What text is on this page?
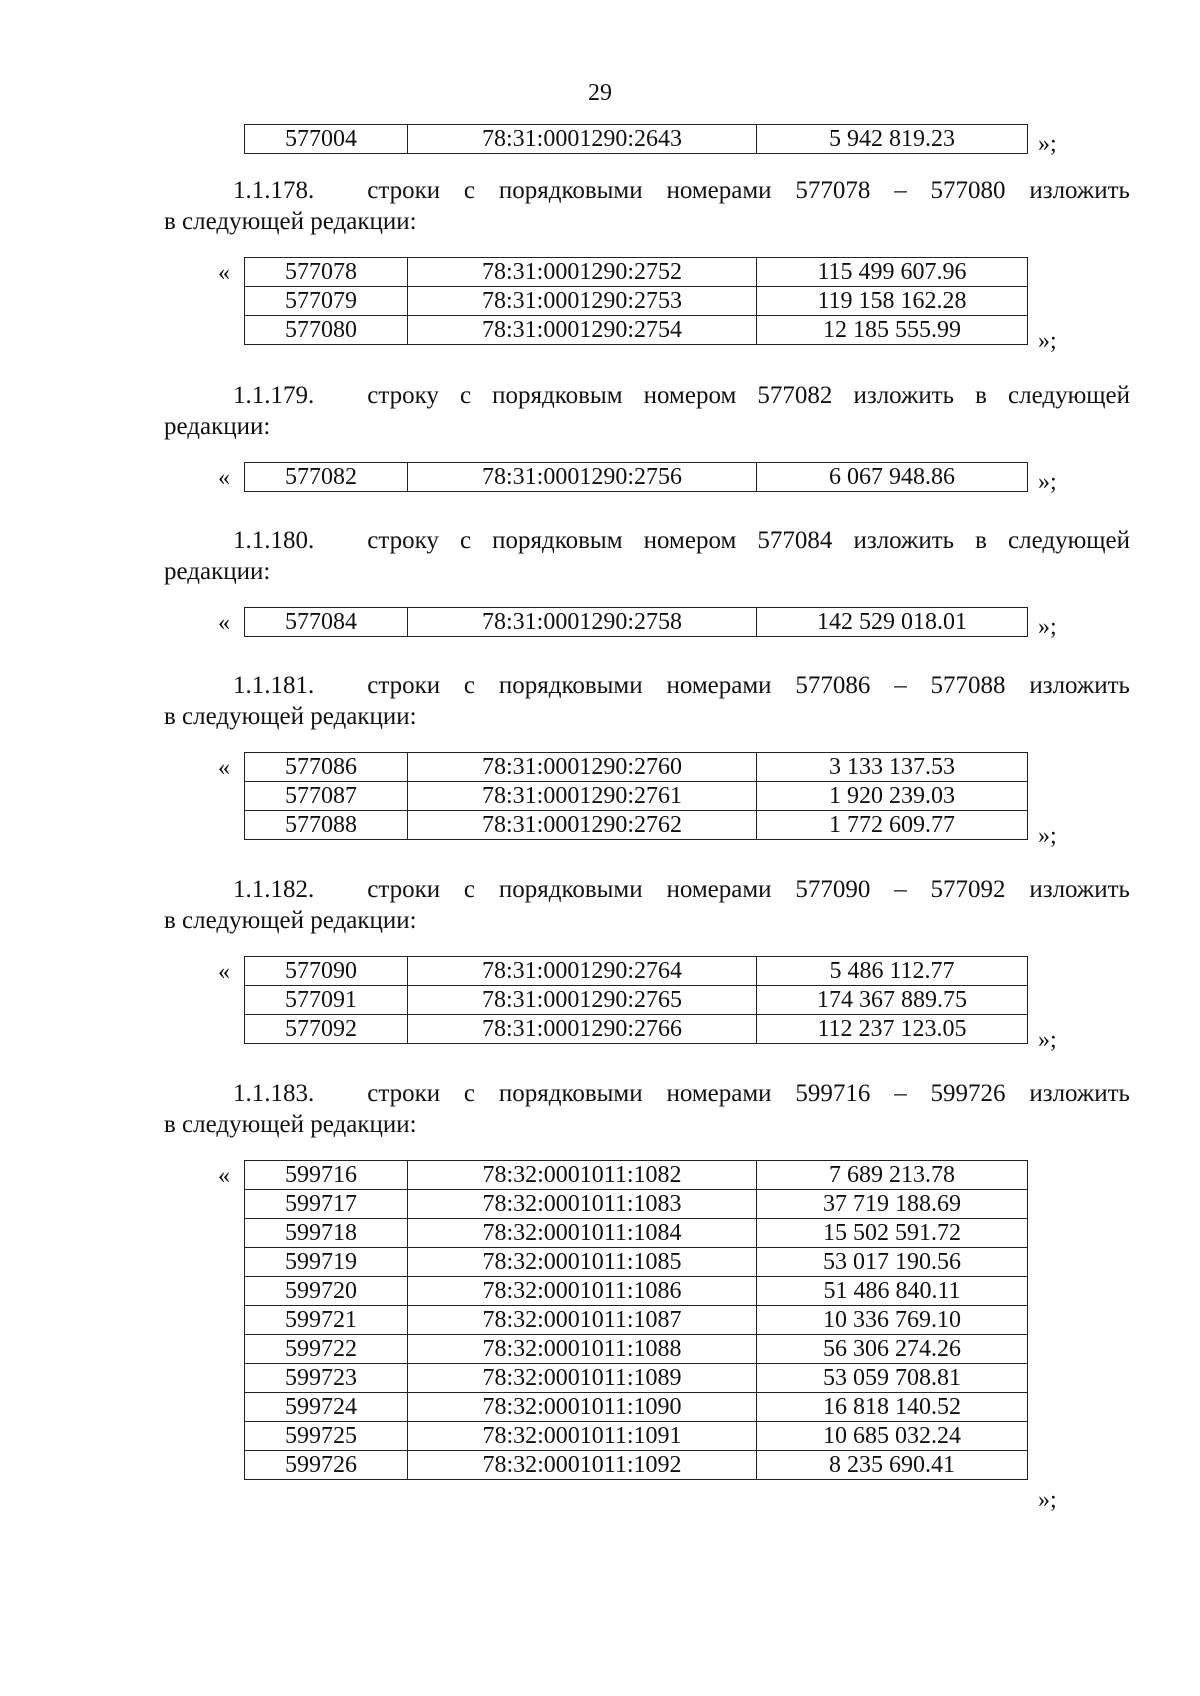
29
577004	78:31:0001290:2643	5 942 819.23	»;
1.1.178. строки с порядковыми номерами 577078 – 577080 изложить
в следующей редакции:
« 577078	78:31:0001290:2752	115 499 607.96
577079	78:31:0001290:2753	119 158 162.28
577080	78:31:0001290:2754	12 185 555.99	»;
1.1.179. строку с порядковым номером 577082 изложить в следующей
редакции:
« 577082	78:31:0001290:2756	6 067 948.86	»;
1.1.180. строку с порядковым номером 577084 изложить в следующей
редакции:
« 577084	78:31:0001290:2758	142 529 018.01	»;
1.1.181. строки с порядковыми номерами 577086 – 577088 изложить
в следующей редакции:
« 577086	78:31:0001290:2760	3 133 137.53
577087	78:31:0001290:2761	1 920 239.03
577088	78:31:0001290:2762	1 772 609.77	»;
1.1.182. строки с порядковыми номерами 577090 – 577092 изложить
в следующей редакции:
« 577090	78:31:0001290:2764	5 486 112.77
577091	78:31:0001290:2765	174 367 889.75
577092	78:31:0001290:2766	112 237 123.05	»;
1.1.183. строки с порядковыми номерами 599716 – 599726 изложить
в следующей редакции:
« 599716	78:32:0001011:1082	7 689 213.78
599717	78:32:0001011:1083	37 719 188.69
599718	78:32:0001011:1084	15 502 591.72
599719	78:32:0001011:1085	53 017 190.56
599720	78:32:0001011:1086	51 486 840.11
599721	78:32:0001011:1087	10 336 769.10
599722	78:32:0001011:1088	56 306 274.26
599723	78:32:0001011:1089	53 059 708.81
599724	78:32:0001011:1090	16 818 140.52
599725	78:32:0001011:1091	10 685 032.24
599726	78:32:0001011:1092	8 235 690.41
»;
